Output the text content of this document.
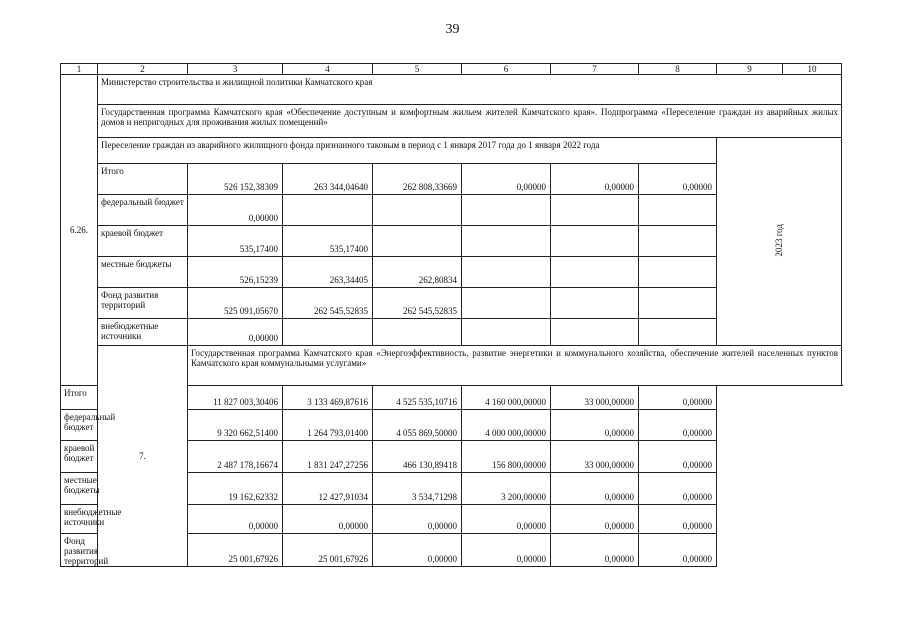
39
1	2	3	4	5	6	7	8	9	10
6.26.	Министерство строительства и жилищной политики Камчатского края								
	Государственная программа Камчатского края «Обеспечение доступным и комфортным жильем жителей Камчатского края». Подпрограмма «Переселение граждан из аварийных жилых домов и непригодных для проживания жилых помещений»								
	Переселение граждан из аварийного жилищного фонда признанного таковым в период с 1 января 2017 года до 1 января 2022 года							2023 год	
	Итого	526 152,38309	263 344,04640	262 808,33669	0,00000	0,00000	0,00000		
	федеральный бюджет	0,00000							
	краевой бюджет	535,17400	535,17400						
	местные бюджеты	526,15239	263,34405	262,80834					
	Фонд развития территорий	525 091,05670	262 545,52835	262 545,52835					
	внебюджетные источники	0,00000							
	7.	Государственная программа Камчатского края «Энергоэффективность, развитие энергетики и коммунального хозяйства, обеспечение жителей населенных пунктов Камчатского края коммунальными услугами»							
Итого		11 827 003,30406	3 133 469,87616	4 525 535,10716	4 160 000,00000	33 000,00000	0,00000		
федеральный бюджет		9 320 662,51400	1 264 793,01400	4 055 869,50000	4 000 000,00000	0,00000	0,00000		
краевой бюджет		2 487 178,16674	1 831 247,27256	466 130,89418	156 800,00000	33 000,00000	0,00000		
местные бюджеты		19 162,62332	12 427,91034	3 534,71298	3 200,00000	0,00000	0,00000		
внебюджетные источники		0,00000	0,00000	0,00000	0,00000	0,00000	0,00000		
Фонд развития территорий		25 001,67926	25 001,67926	0,00000	0,00000	0,00000	0,00000		
